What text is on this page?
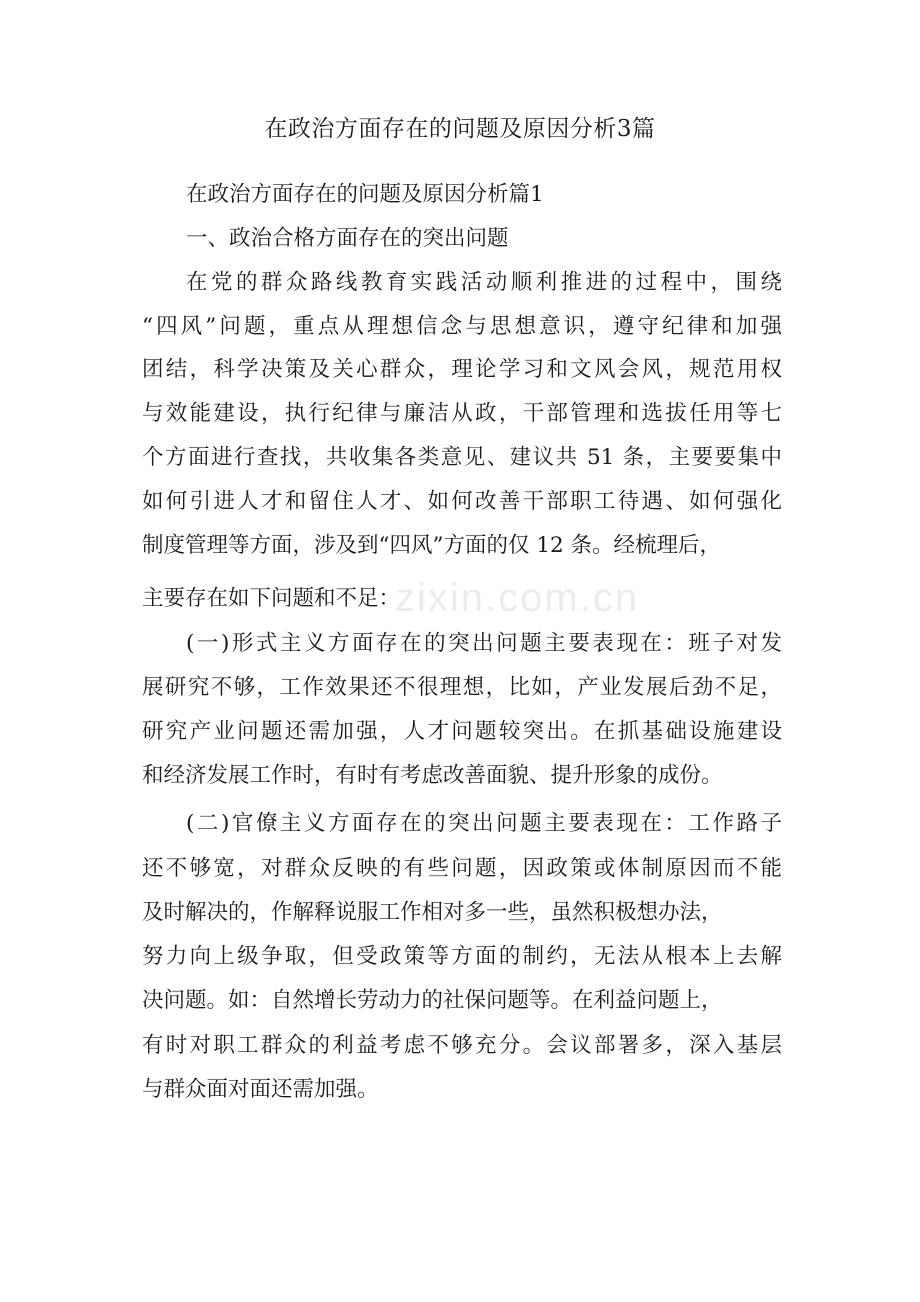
zixin.com.cn
在政治方面存在的问题及原因分析3篇
在政治方面存在的问题及原因分析篇1
一、政治合格方面存在的突出问题
在党的群众路线教育实践活动顺利推进的过程中，围绕
“四风”问题，重点从理想信念与思想意识，遵守纪律和加强
团结，科学决策及关心群众，理论学习和文风会风，规范用权
与效能建设，执行纪律与廉洁从政，干部管理和选拔任用等七
个方面进行查找，共收集各类意见、建议共 51 条，主要要集中
如何引进人才和留住人才、如何改善干部职工待遇、如何强化
制度管理等方面，涉及到“四风”方面的仅 12 条。经梳理后，
主要存在如下问题和不足：
(一)形式主义方面存在的突出问题主要表现在：班子对发
展研究不够，工作效果还不很理想，比如，产业发展后劲不足，
研究产业问题还需加强，人才问题较突出。在抓基础设施建设
和经济发展工作时，有时有考虑改善面貌、提升形象的成份。
(二)官僚主义方面存在的突出问题主要表现在：工作路子
还不够宽，对群众反映的有些问题，因政策或体制原因而不能
及时解决的，作解释说服工作相对多一些，虽然积极想办法，
努力向上级争取，但受政策等方面的制约，无法从根本上去解
决问题。如：自然增长劳动力的社保问题等。在利益问题上，
有时对职工群众的利益考虑不够充分。会议部署多，深入基层
与群众面对面还需加强。
